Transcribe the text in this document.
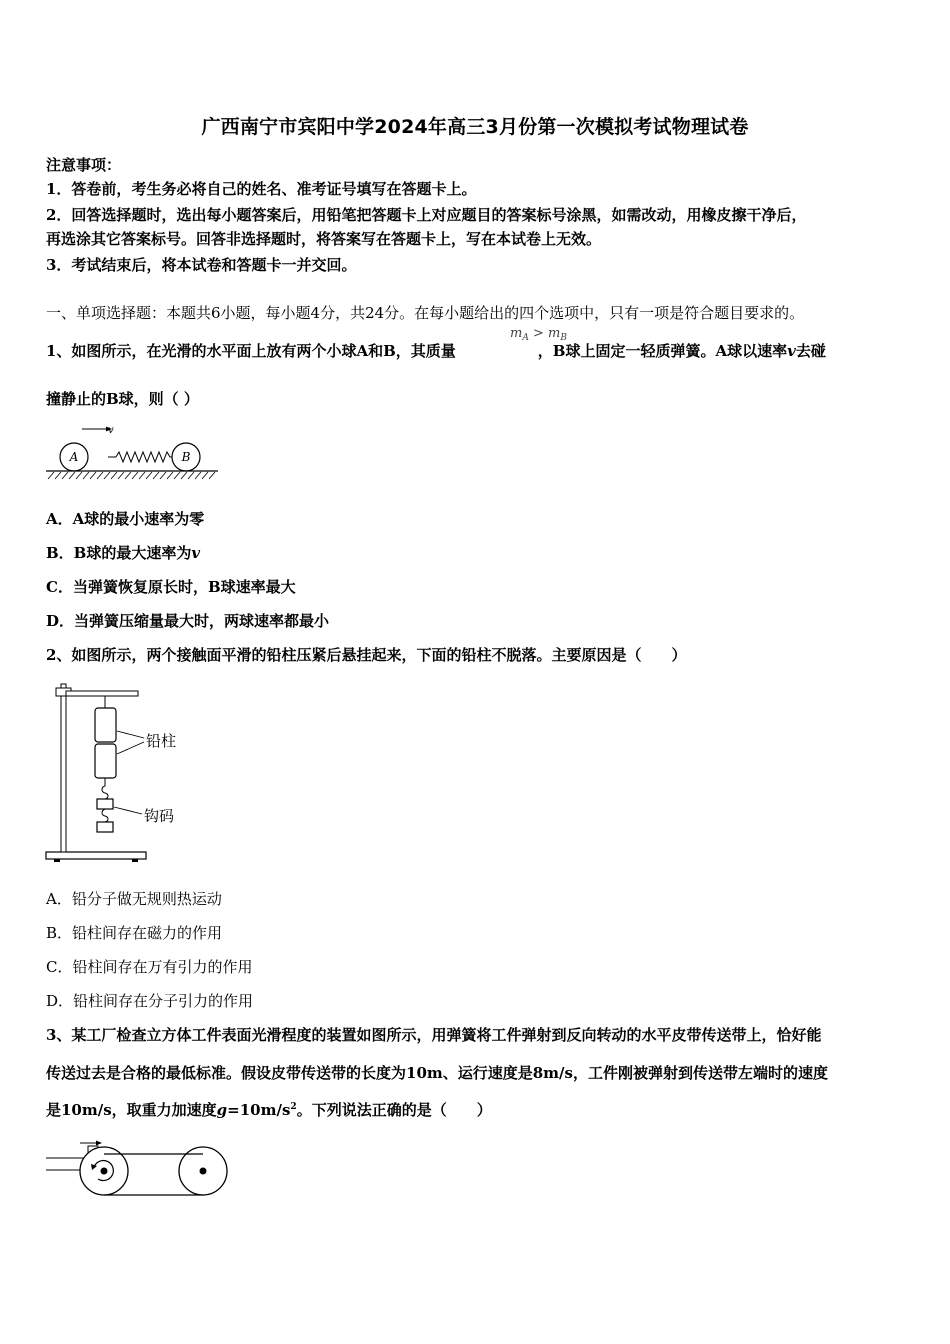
广西南宁市宾阳中学2024年高三3月份第一次模拟考试物理试卷
注意事项：
1．答卷前，考生务必将自己的姓名、准考证号填写在答题卡上。
2．回答选择题时，选出每小题答案后，用铅笔把答题卡上对应题目的答案标号涂黑，如需改动，用橡皮擦干净后，
再选涂其它答案标号。回答非选择题时，将答案写在答题卡上，写在本试卷上无效。
3．考试结束后，将本试卷和答题卡一并交回。
一、单项选择题：本题共6小题，每小题4分，共24分。在每小题给出的四个选项中，只有一项是符合题目要求的。
1、如图所示，在光滑的水平面上放有两个小球A和B，其质量	，B球上固定一轻质弹簧。A球以速率v去碰
$m_A > m_B$
撞静止的B球，则（ ）
v
A	B
A．A球的最小速率为零
B．B球的最大速率为v
C．当弹簧恢复原长时，B球速率最大
D．当弹簧压缩量最大时，两球速率都最小
2、如图所示，两个接触面平滑的铅柱压紧后悬挂起来，下面的铅柱不脱落。主要原因是（　　）
铅柱
钩码
A．铅分子做无规则热运动
B．铅柱间存在磁力的作用
C．铅柱间存在万有引力的作用
D．铅柱间存在分子引力的作用
3、某工厂检查立方体工件表面光滑程度的装置如图所示，用弹簧将工件弹射到反向转动的水平皮带传送带上，恰好能
传送过去是合格的最低标准。假设皮带传送带的长度为10m、运行速度是8m/s，工件刚被弹射到传送带左端时的速度
是10m/s，取重力加速度$g=10m/s^2$。下列说法正确的是（　　）
